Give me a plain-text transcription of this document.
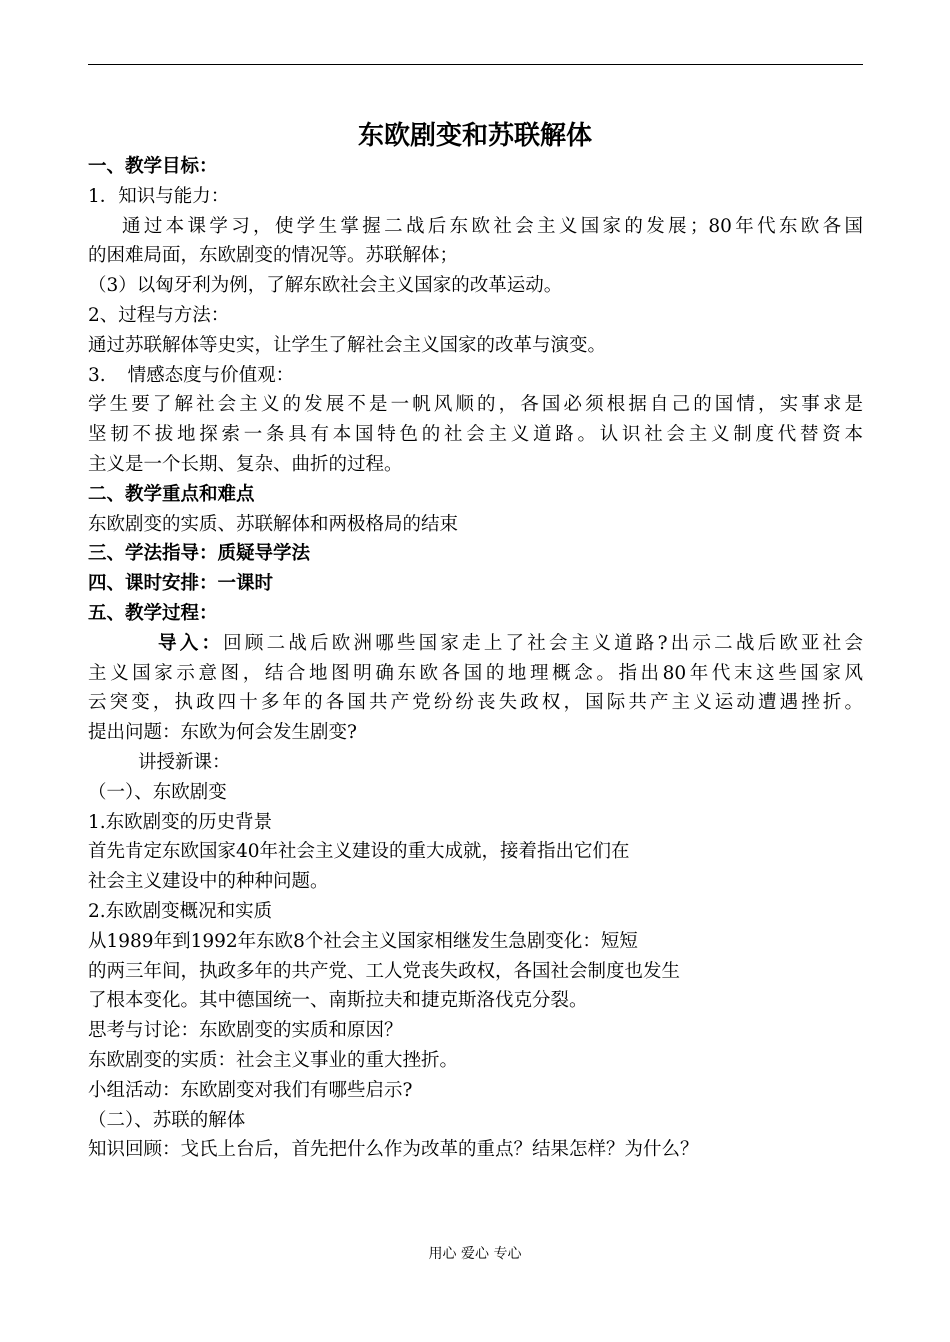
东欧剧变和苏联解体
一、教学目标：
1．知识与能力：
通过本课学习，使学生掌握二战后东欧社会主义国家的发展；80年代东欧各国
的困难局面，东欧剧变的情况等。苏联解体；
（3）以匈牙利为例，了解东欧社会主义国家的改革运动。
2、过程与方法：
通过苏联解体等史实，让学生了解社会主义国家的改革与演变。
3. 情感态度与价值观：
学生要了解社会主义的发展不是一帆风顺的，各国必须根据自己的国情，实事求是
坚韧不拔地探索一条具有本国特色的社会主义道路。认识社会主义制度代替资本
主义是一个长期、复杂、曲折的过程。
二、教学重点和难点
东欧剧变的实质、苏联解体和两极格局的结束
三、学法指导：质疑导学法
四、课时安排：一课时
五、教学过程：
导入：回顾二战后欧洲哪些国家走上了社会主义道路?出示二战后欧亚社会
主义国家示意图，结合地图明确东欧各国的地理概念。指出80年代末这些国家风
云突变，执政四十多年的各国共产党纷纷丧失政权，国际共产主义运动遭遇挫折。
提出问题：东欧为何会发生剧变?
讲授新课：
（一）、东欧剧变
1.东欧剧变的历史背景
首先肯定东欧国家40年社会主义建设的重大成就，接着指出它们在
社会主义建设中的种种问题。
2.东欧剧变概况和实质
从1989年到1992年东欧8个社会主义国家相继发生急剧变化：短短
的两三年间，执政多年的共产党、工人党丧失政权，各国社会制度也发生
了根本变化。其中德国统一、南斯拉夫和捷克斯洛伐克分裂。
思考与讨论：东欧剧变的实质和原因？
东欧剧变的实质：社会主义事业的重大挫折。
小组活动：东欧剧变对我们有哪些启示?
（二）、苏联的解体
知识回顾：戈氏上台后，首先把什么作为改革的重点？结果怎样？为什么？
用心 爱心 专心
